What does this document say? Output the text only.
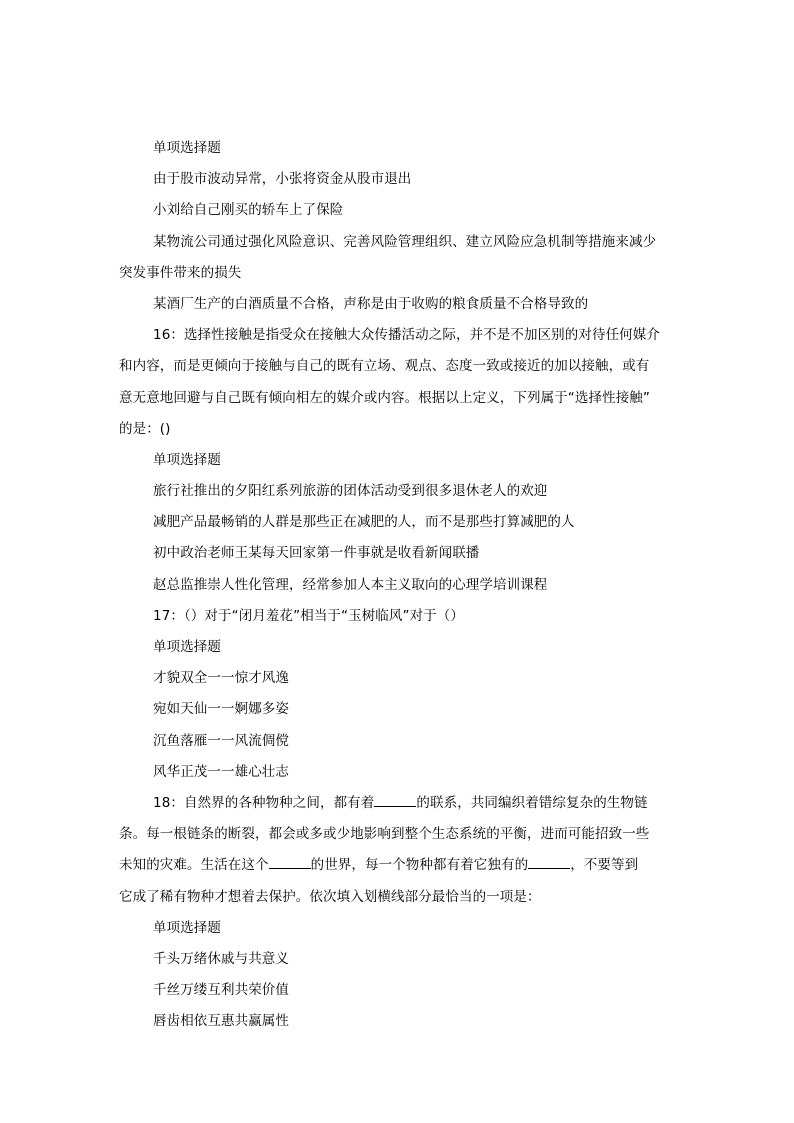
单项选择题
由于股市波动异常，小张将资金从股市退出
小刘给自己刚买的轿车上了保险
某物流公司通过强化风险意识、完善风险管理组织、建立风险应急机制等措施来减少
突发事件带来的损失
某酒厂生产的白酒质量不合格，声称是由于收购的粮食质量不合格导致的
16：选择性接触是指受众在接触大众传播活动之际，并不是不加区别的对待任何媒介
和内容，而是更倾向于接触与自己的既有立场、观点、态度一致或接近的加以接触，或有
意无意地回避与自己既有倾向相左的媒介或内容。根据以上定义，下列属于“选择性接触”
的是：()
单项选择题
旅行社推出的夕阳红系列旅游的团体活动受到很多退休老人的欢迎
减肥产品最畅销的人群是那些正在减肥的人，而不是那些打算减肥的人
初中政治老师王某每天回家第一件事就是收看新闻联播
赵总监推崇人性化管理，经常参加人本主义取向的心理学培训课程
17：（）对于“闭月羞花”相当于“玉树临风”对于（）
单项选择题
才貌双全一一惊才风逸
宛如天仙一一婀娜多姿
沉鱼落雁一一风流倜傥
风华正茂一一雄心壮志
18：自然界的各种物种之间，都有着	的联系，共同编织着错综复杂的生物链
条。每一根链条的断裂，都会或多或少地影响到整个生态系统的平衡，进而可能招致一些
未知的灾难。生活在这个	的世界，每一个物种都有着它独有的	，不要等到
它成了稀有物种才想着去保护。依次填入划横线部分最恰当的一项是：
单项选择题
千头万绪休戚与共意义
千丝万缕互利共荣价值
唇齿相依互惠共赢属性
